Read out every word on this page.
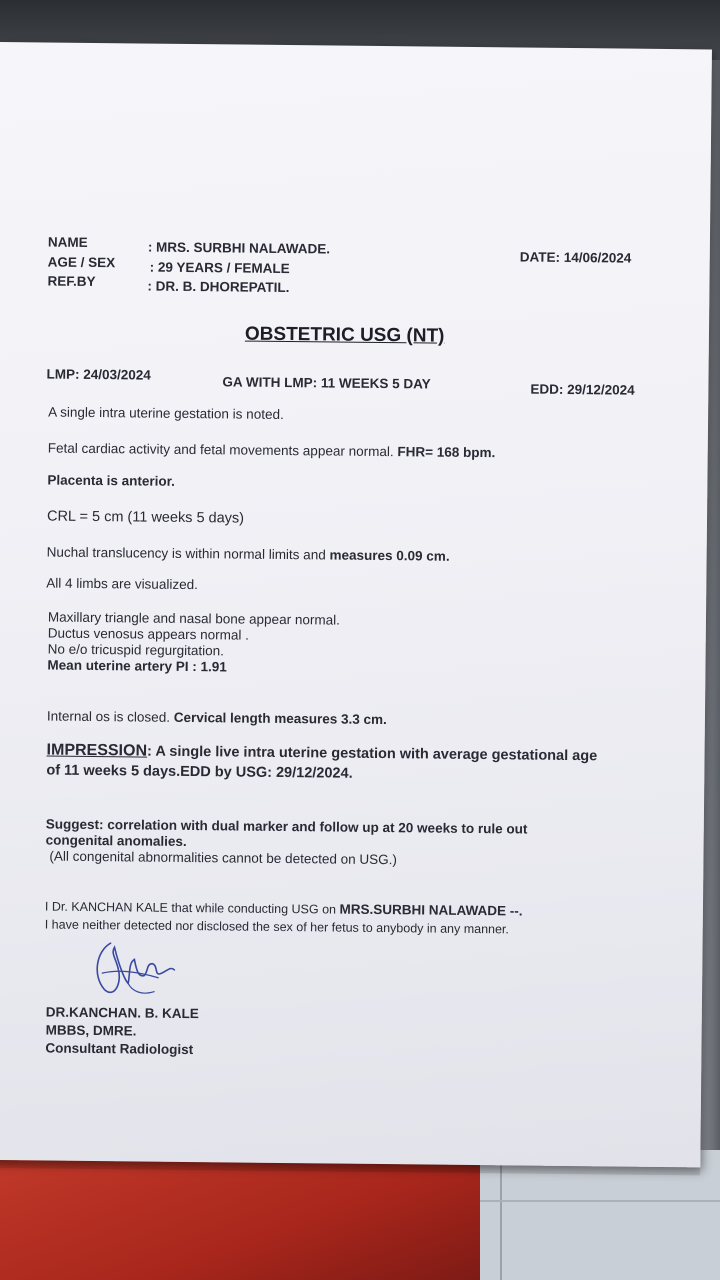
NAME	: MRS. SURBHI NALAWADE.
AGE / SEX	: 29 YEARS / FEMALE
REF.BY	: DR. B. DHOREPATIL.
DATE: 14/06/2024
OBSTETRIC USG (NT)
LMP: 24/03/2024	GA WITH LMP: 11 WEEKS 5 DAY	EDD: 29/12/2024
A single intra uterine gestation is noted.
Fetal cardiac activity and fetal movements appear normal. FHR= 168 bpm.
Placenta is anterior.
CRL = 5 cm (11 weeks 5 days)
Nuchal translucency is within normal limits and measures 0.09 cm.
All 4 limbs are visualized.
Maxillary triangle and nasal bone appear normal.
Ductus venosus appears normal .
No e/o tricuspid regurgitation.
Mean uterine artery PI : 1.91
Internal os is closed. Cervical length measures 3.3 cm.
IMPRESSION: A single live intra uterine gestation with average gestational age
of 11 weeks 5 days.EDD by USG: 29/12/2024.
Suggest: correlation with dual marker and follow up at 20 weeks to rule out
congenital anomalies.
(All congenital abnormalities cannot be detected on USG.)
I Dr. KANCHAN KALE that while conducting USG on MRS.SURBHI NALAWADE --.
I have neither detected nor disclosed the sex of her fetus to anybody in any manner.
DR.KANCHAN. B. KALE
MBBS, DMRE.
Consultant Radiologist
